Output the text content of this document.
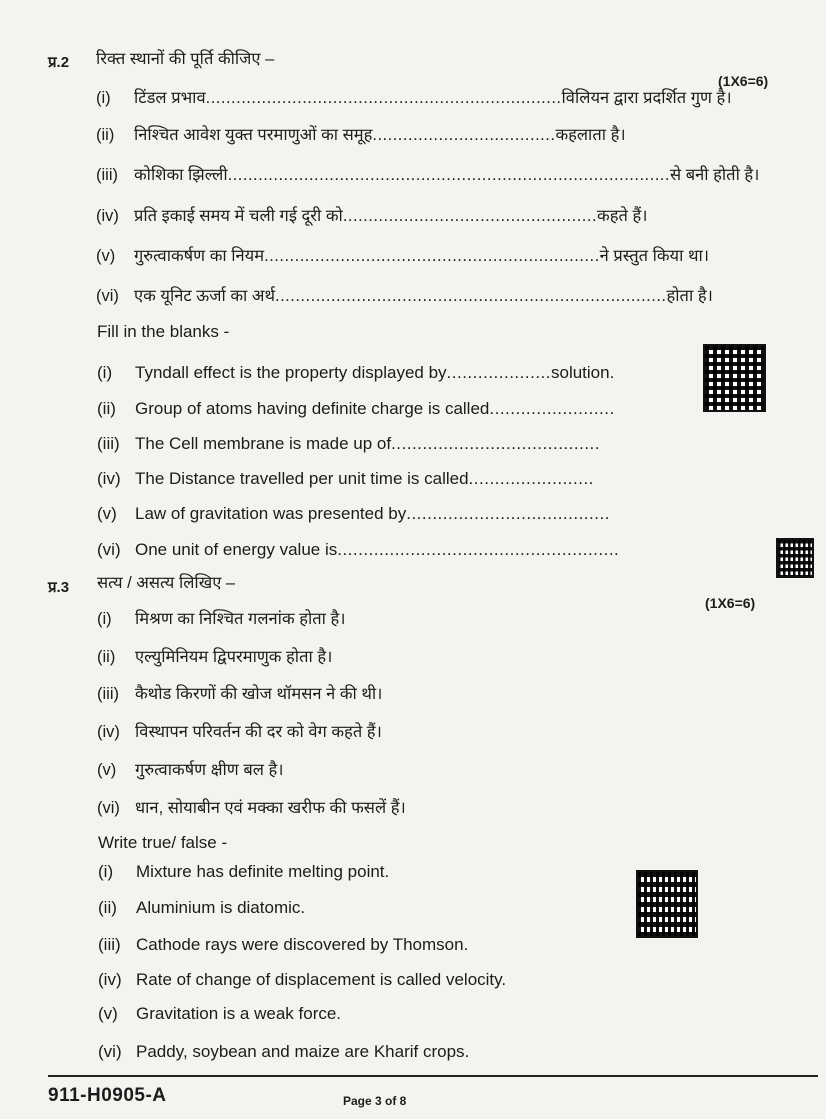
प्र.2 रिक्त स्थानों की पूर्ति कीजिए –
(1X6=6)
(i) टिंडल प्रभाव......................................................................विलियन द्वारा प्रदर्शित गुण है।
(ii) निश्चित आवेश युक्त परमाणुओं का समूह....................................कहलाता है।
(iii) कोशिका झिल्ली.......................................................................................से बनी होती है।
(iv) प्रति इकाई समय में चली गई दूरी को..................................................कहते हैं।
(v) गुरुत्वाकर्षण का नियम..................................................................ने प्रस्तुत किया था।
(vi) एक यूनिट ऊर्जा का अर्थ.............................................................................होता है।
Fill in the blanks -
(i) Tyndall effect is the property displayed by....................solution.
(ii) Group of atoms having definite charge is called........................
(iii) The Cell membrane is made up of........................................
(iv) The Distance travelled per unit time is called........................
(v) Law of gravitation was presented by.......................................
(vi) One unit of energy value is......................................................
प्र.3 सत्य / असत्य लिखिए –
(1X6=6)
(i) मिश्रण का निश्चित गलनांक होता है।
(ii) एल्युमिनियम द्विपरमाणुक होता है।
(iii) कैथोड किरणों की खोज थॉमसन ने की थी।
(iv) विस्थापन परिवर्तन की दर को वेग कहते हैं।
(v) गुरुत्वाकर्षण क्षीण बल है।
(vi) धान, सोयाबीन एवं मक्का खरीफ की फसलें हैं।
Write true/ false -
(i) Mixture has definite melting point.
(ii) Aluminium is diatomic.
(iii) Cathode rays were discovered by Thomson.
(iv) Rate of change of displacement is called velocity.
(v) Gravitation is a weak force.
(vi) Paddy, soybean and maize are Kharif crops.
911-H0905-A	Page 3 of 8
